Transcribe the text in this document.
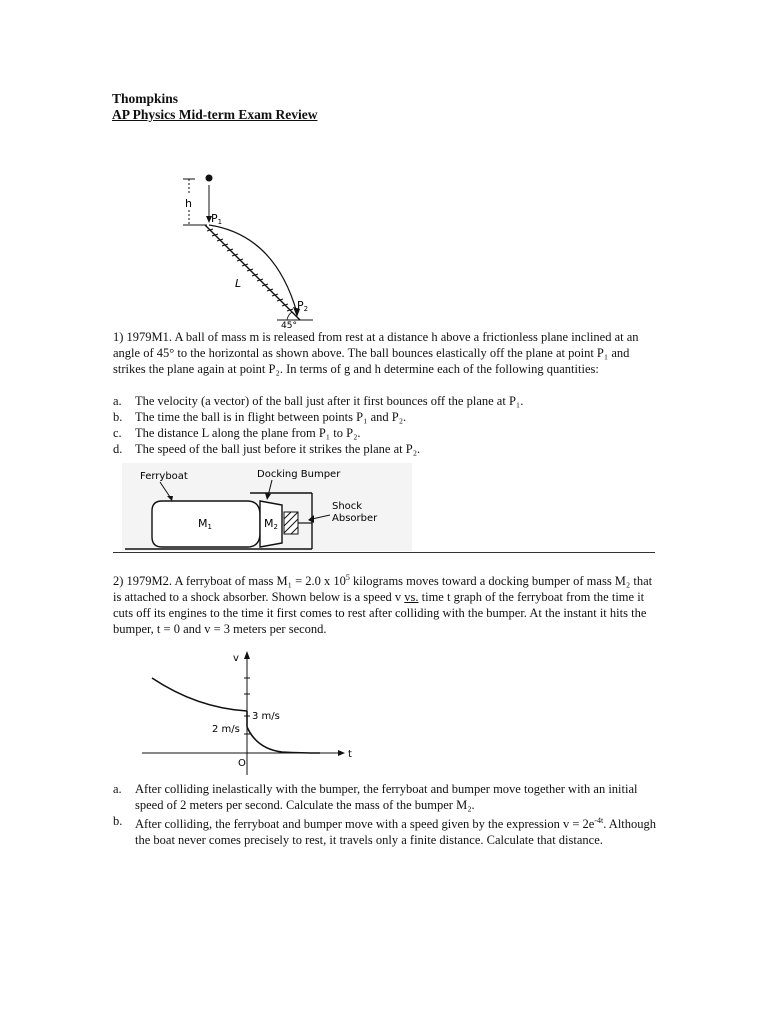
Thompkins
AP Physics Mid-term Exam Review
h
L
P1
P2
45°
1) 1979M1. A ball of mass m is released from rest at a distance h above a frictionless plane inclined at an angle of 45° to the horizontal as shown above. The ball bounces elastically off the plane at point P₁ and strikes the plane again at point P₂. In terms of g and h determine each of the following quantities:
a.	The velocity (a vector) of the ball just after it first bounces off the plane at P₁.
b.	The time the ball is in flight between points P₁ and P₂.
c.	The distance L along the plane from P₁ to P₂.
d.	The speed of the ball just before it strikes the plane at P₂.
Ferryboat	Docking Bumper
Shock
Absorber
M1	M2
2) 1979M2. A ferryboat of mass M₁ = 2.0 x $10^5$ kilograms moves toward a docking bumper of mass M₂ that is attached to a shock absorber. Shown below is a speed v vs. time t graph of the ferryboat from the time it cuts off its engines to the time it first comes to rest after colliding with the bumper. At the instant it hits the bumper, t = 0 and v = 3 meters per second.
v
t
3 m/s
2 m/s
O
a.	After colliding inelastically with the bumper, the ferryboat and bumper move together with an initial speed of 2 meters per second. Calculate the mass of the bumper M₂.
b.	After colliding, the ferryboat and bumper move with a speed given by the expression $v = 2e^{-4t}$. Although the boat never comes precisely to rest, it travels only a finite distance. Calculate that distance.
